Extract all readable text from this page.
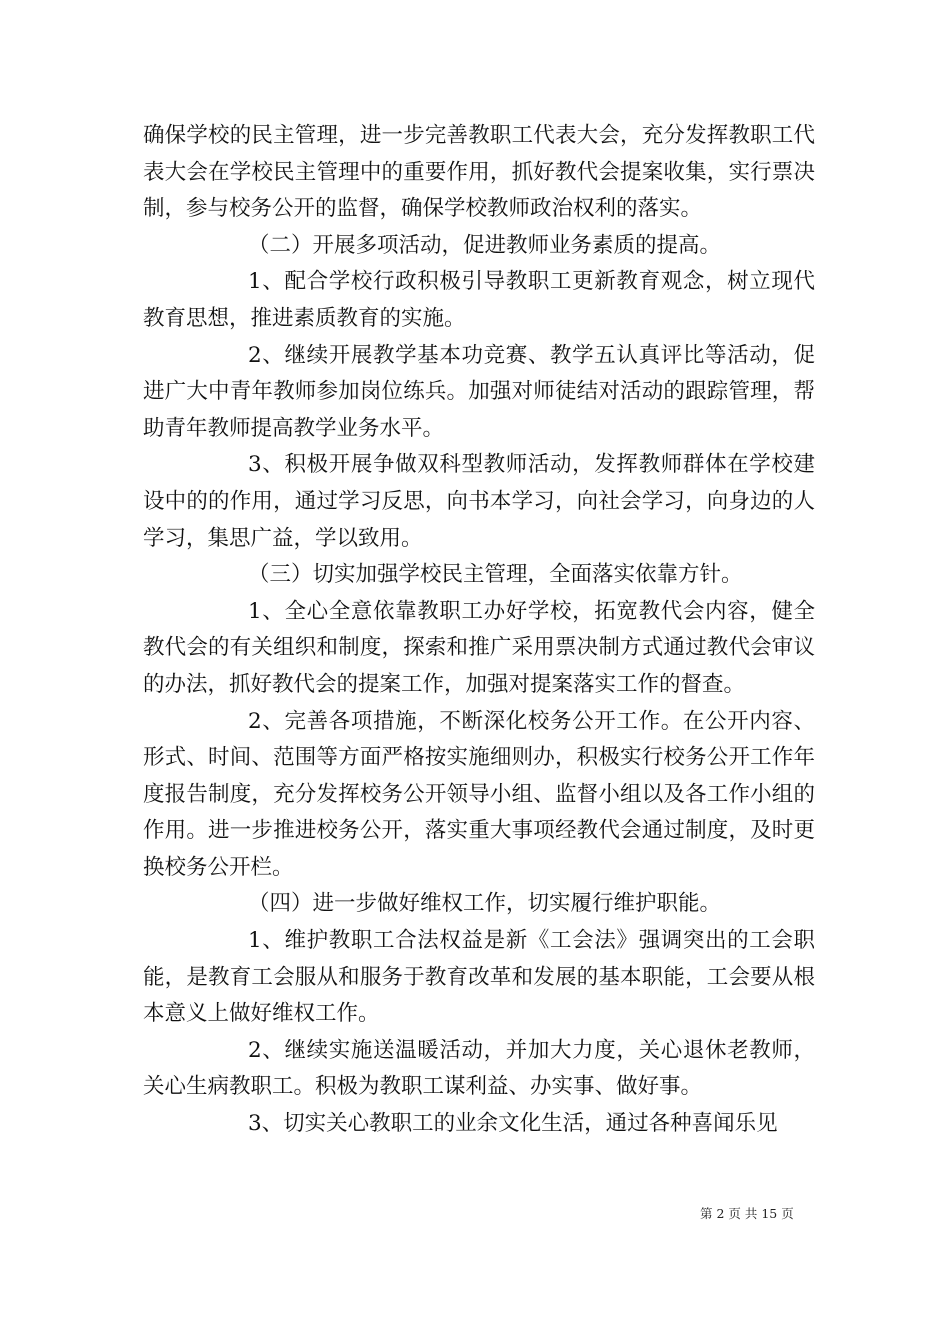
确保学校的民主管理，进一步完善教职工代表大会，充分发挥教职工代表大会在学校民主管理中的重要作用，抓好教代会提案收集，实行票决制，参与校务公开的监督，确保学校教师政治权利的落实。

（二）开展多项活动，促进教师业务素质的提高。

1、配合学校行政积极引导教职工更新教育观念，树立现代教育思想，推进素质教育的实施。

2、继续开展教学基本功竞赛、教学五认真评比等活动，促进广大中青年教师参加岗位练兵。加强对师徒结对活动的跟踪管理，帮助青年教师提高教学业务水平。

3、积极开展争做双科型教师活动，发挥教师群体在学校建设中的的作用，通过学习反思，向书本学习，向社会学习，向身边的人学习，集思广益，学以致用。

（三）切实加强学校民主管理，全面落实依靠方针。

1、全心全意依靠教职工办好学校，拓宽教代会内容，健全教代会的有关组织和制度，探索和推广采用票决制方式通过教代会审议的办法，抓好教代会的提案工作，加强对提案落实工作的督查。

2、完善各项措施，不断深化校务公开工作。在公开内容、形式、时间、范围等方面严格按实施细则办，积极实行校务公开工作年度报告制度，充分发挥校务公开领导小组、监督小组以及各工作小组的作用。进一步推进校务公开，落实重大事项经教代会通过制度，及时更换校务公开栏。

（四）进一步做好维权工作，切实履行维护职能。

1、维护教职工合法权益是新《工会法》强调突出的工会职能，是教育工会服从和服务于教育改革和发展的基本职能，工会要从根本意义上做好维权工作。

2、继续实施送温暖活动，并加大力度，关心退休老教师，关心生病教职工。积极为教职工谋利益、办实事、做好事。

3、切实关心教职工的业余文化生活，通过各种喜闻乐见

第 2 页 共 15 页
